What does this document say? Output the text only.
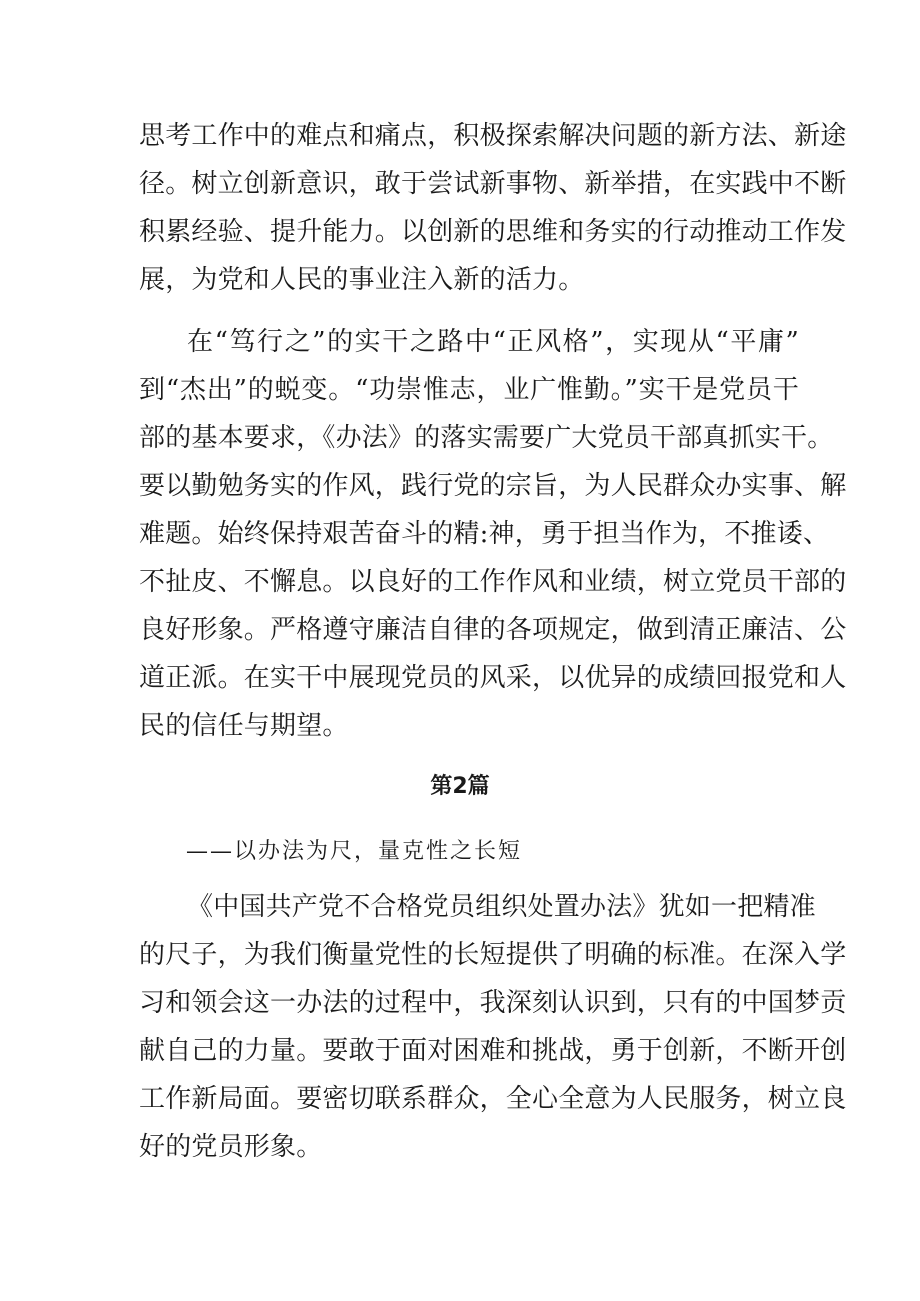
思考工作中的难点和痛点，积极探索解决问题的新方法、新途
径。树立创新意识，敢于尝试新事物、新举措，在实践中不断
积累经验、提升能力。以创新的思维和务实的行动推动工作发
展，为党和人民的事业注入新的活力。
在“笃行之”的实干之路中“正风格”，实现从“平庸”
到“杰出”的蜕变。“功崇惟志，业广惟勤。”实干是党员干
部的基本要求，《办法》的落实需要广大党员干部真抓实干。
要以勤勉务实的作风，践行党的宗旨，为人民群众办实事、解
难题。始终保持艰苦奋斗的精:神，勇于担当作为，不推诿、
不扯皮、不懈息。以良好的工作作风和业绩，树立党员干部的
良好形象。严格遵守廉洁自律的各项规定，做到清正廉洁、公
道正派。在实干中展现党员的风采，以优异的成绩回报党和人
民的信任与期望。
第2篇
——以办法为尺，量克性之长短
《中国共产党不合格党员组织处置办法》犹如一把精准
的尺子，为我们衡量党性的长短提供了明确的标准。在深入学
习和领会这一办法的过程中，我深刻认识到，只有的中国梦贡
献自己的力量。要敢于面对困难和挑战，勇于创新，不断开创
工作新局面。要密切联系群众，全心全意为人民服务，树立良
好的党员形象。
